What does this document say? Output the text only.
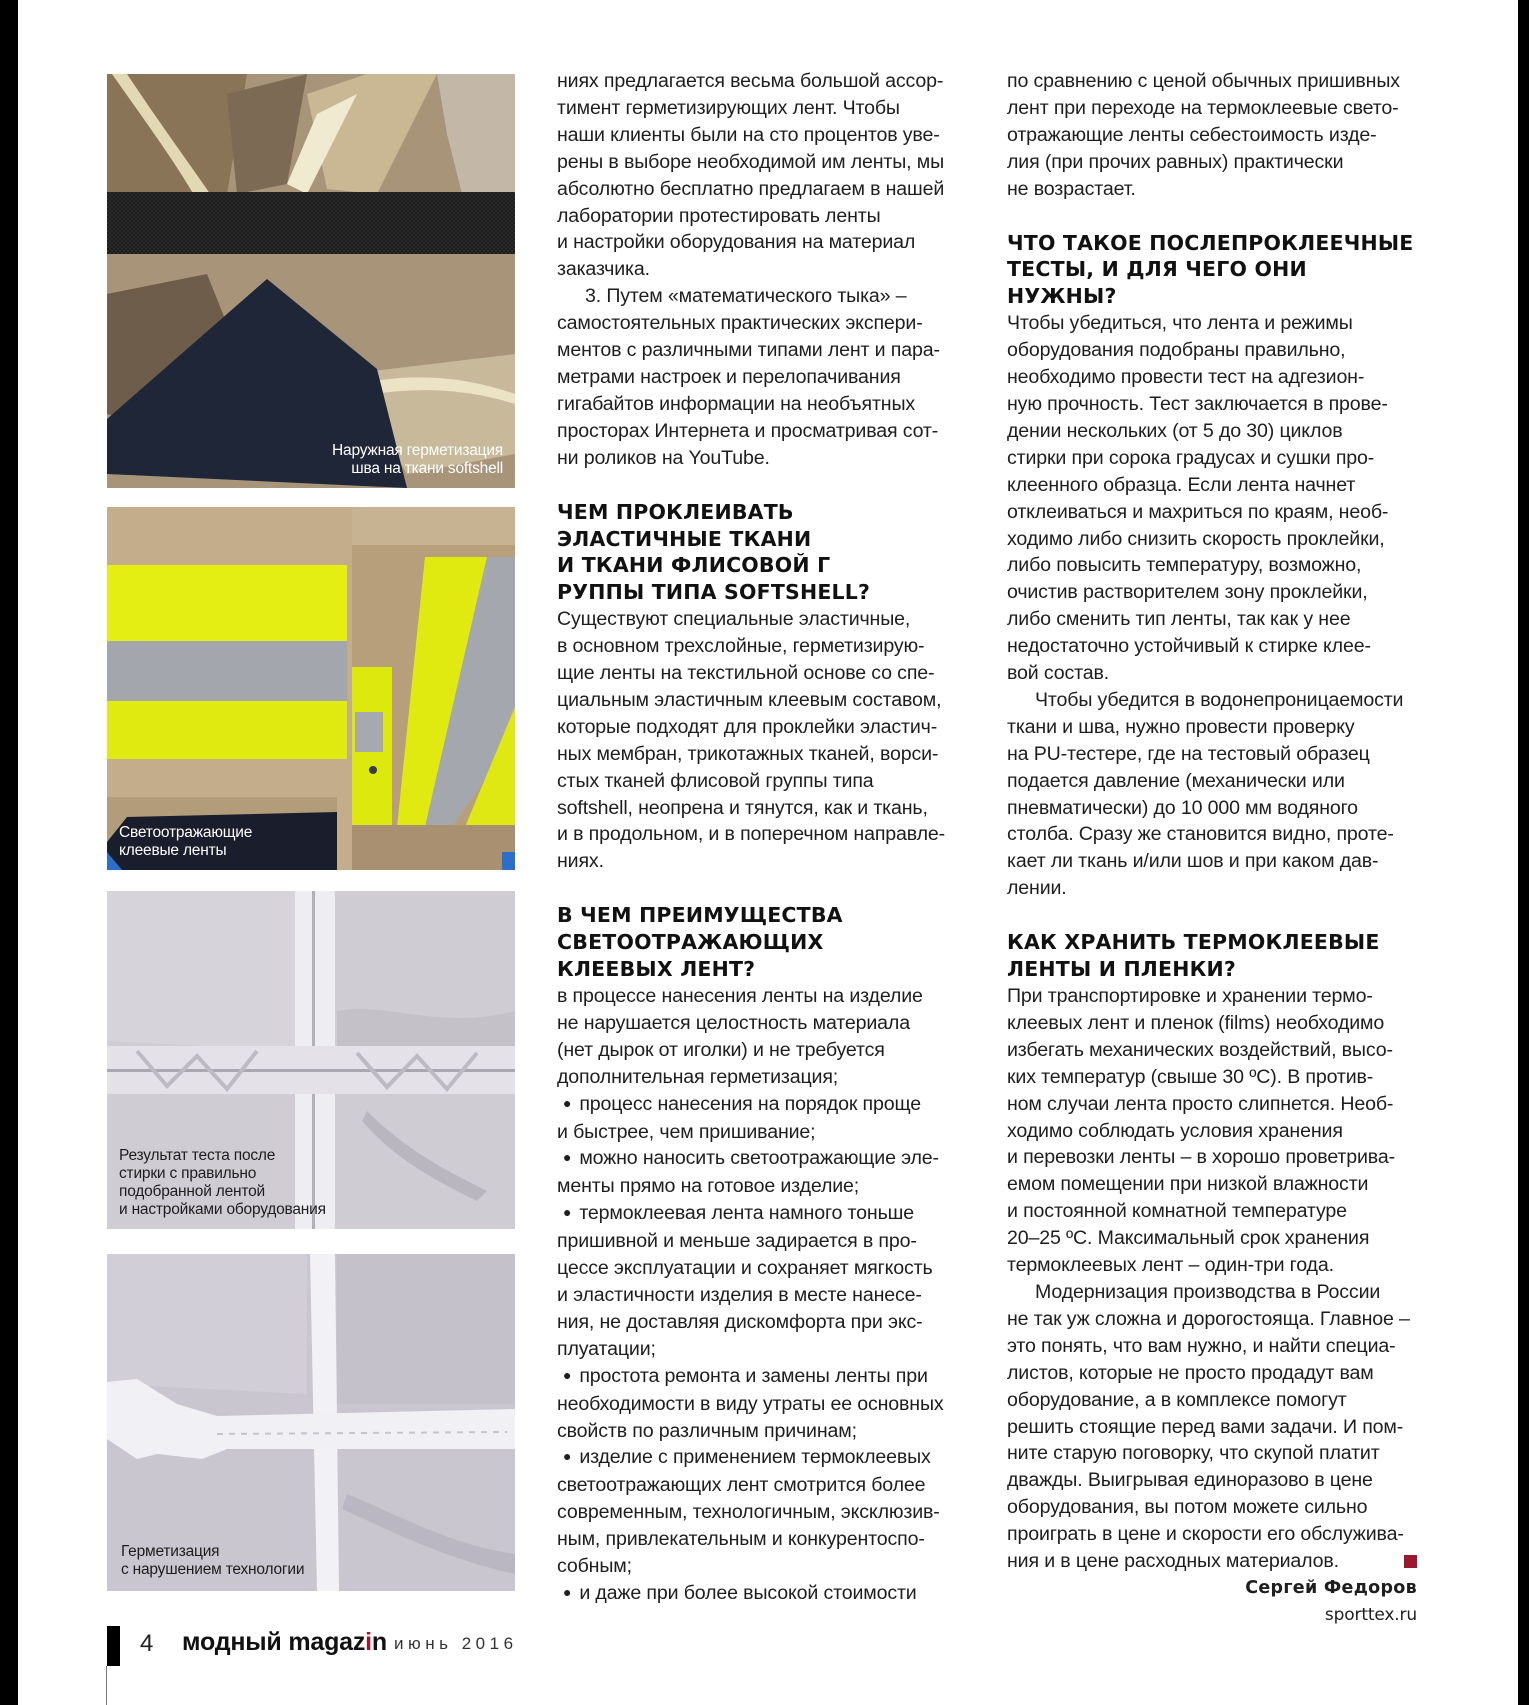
Наружная герметизация
шва на ткани softshell
Светоотражающие
клеевые ленты
Результат теста после
стирки с правильно
подобранной лентой
и настройками оборудования
Герметизация
с нарушением технологии

ниях предлагается весьма большой ассор-

тимент герметизирующих лент. Чтобы

наши клиенты были на сто процентов уве-

рены в выборе необходимой им ленты, мы

абсолютно бесплатно предлагаем в нашей

лаборатории протестировать ленты

и настройки оборудования на материал

заказчика.

3. Путем «математического тыка» –

самостоятельных практических экспери-

ментов с различными типами лент и пара-

метрами настроек и перелопачивания

гигабайтов информации на необъятных

просторах Интернета и просматривая сот-

ни роликов на YouTube.

ЧЕМ ПРОКЛЕИВАТЬ
ЭЛАСТИЧНЫЕ ТКАНИ
И ТКАНИ ФЛИСОВОЙ Г
РУППЫ ТИПА SOFTSHELL?

Существуют специальные эластичные,

в основном трехслойные, герметизирую-

щие ленты на текстильной основе со спе-

циальным эластичным клеевым составом,

которые подходят для проклейки эластич-

ных мембран, трикотажных тканей, ворси-

стых тканей флисовой группы типа

softshell, неопрена и тянутся, как и ткань,

и в продольном, и в поперечном направле-

ниях.

В ЧЕМ ПРЕИМУЩЕСТВА
СВЕТООТРАЖАЮЩИХ
КЛЕЕВЫХ ЛЕНТ?

в процессе нанесения ленты на изделие

не нарушается целостность материала

(нет дырок от иголки) и не требуется

дополнительная герметизация;

● процесс нанесения на порядок проще

и быстрее, чем пришивание;

● можно наносить светоотражающие эле-

менты прямо на готовое изделие;

● термоклеевая лента намного тоньше

пришивной и меньше задирается в про-

цессе эксплуатации и сохраняет мягкость

и эластичности изделия в месте нанесе-

ния, не доставляя дискомфорта при экс-

плуатации;

● простота ремонта и замены ленты при

необходимости в виду утраты ее основных

свойств по различным причинам;

● изделие с применением термоклеевых

светоотражающих лент смотрится более

современным, технологичным, эксклюзив-

ным, привлекательным и конкурентоспо-

собным;

● и даже при более высокой стоимости

по сравнению с ценой обычных пришивных

лент при переходе на термоклеевые свето-

отражающие ленты себестоимость изде-

лия (при прочих равных) практически

не возрастает.

ЧТО ТАКОЕ ПОСЛЕПРОКЛЕЕЧНЫЕ
ТЕСТЫ, И ДЛЯ ЧЕГО ОНИ НУЖНЫ?

Чтобы убедиться, что лента и режимы

оборудования подобраны правильно,

необходимо провести тест на адгезион-

ную прочность. Тест заключается в прове-

дении нескольких (от 5 до 30) циклов

стирки при сорока градусах и сушки про-

клеенного образца. Если лента начнет

отклеиваться и махриться по краям, необ-

ходимо либо снизить скорость проклейки,

либо повысить температуру, возможно,

очистив растворителем зону проклейки,

либо сменить тип ленты, так как у нее

недостаточно устойчивый к стирке клее-

вой состав.

Чтобы убедится в водонепроницаемости

ткани и шва, нужно провести проверку

на PU-тестере, где на тестовый образец

подается давление (механически или

пневматически) до 10 000 мм водяного

столба. Сразу же становится видно, проте-

кает ли ткань и/или шов и при каком дав-

лении.

КАК ХРАНИТЬ ТЕРМОКЛЕЕВЫЕ
ЛЕНТЫ И ПЛЕНКИ?

При транспортировке и хранении термо-

клеевых лент и пленок (films) необходимо

избегать механических воздействий, высо-

ких температур (свыше 30 ºС). В против-

ном случаи лента просто слипнется. Необ-

ходимо соблюдать условия хранения

и перевозки ленты – в хорошо проветрива-

емом помещении при низкой влажности

и постоянной комнатной температуре

20–25 ºС. Максимальный срок хранения

термоклеевых лент – один-три года.

Модернизация производства в России

не так уж сложна и дорогостояща. Главное –

это понять, что вам нужно, и найти специа-

листов, которые не просто продадут вам

оборудование, а в комплексе помогут

решить стоящие перед вами задачи. И пом-

ните старую поговорку, что скупой платит

дважды. Выигрывая единоразово в цене

оборудования, вы потом можете сильно

проиграть в цене и скорости его обслужива-

ния и в цене расходных материалов.

Сергей Федоров
sporttex.ru
4 модный magazin июнь 2016
